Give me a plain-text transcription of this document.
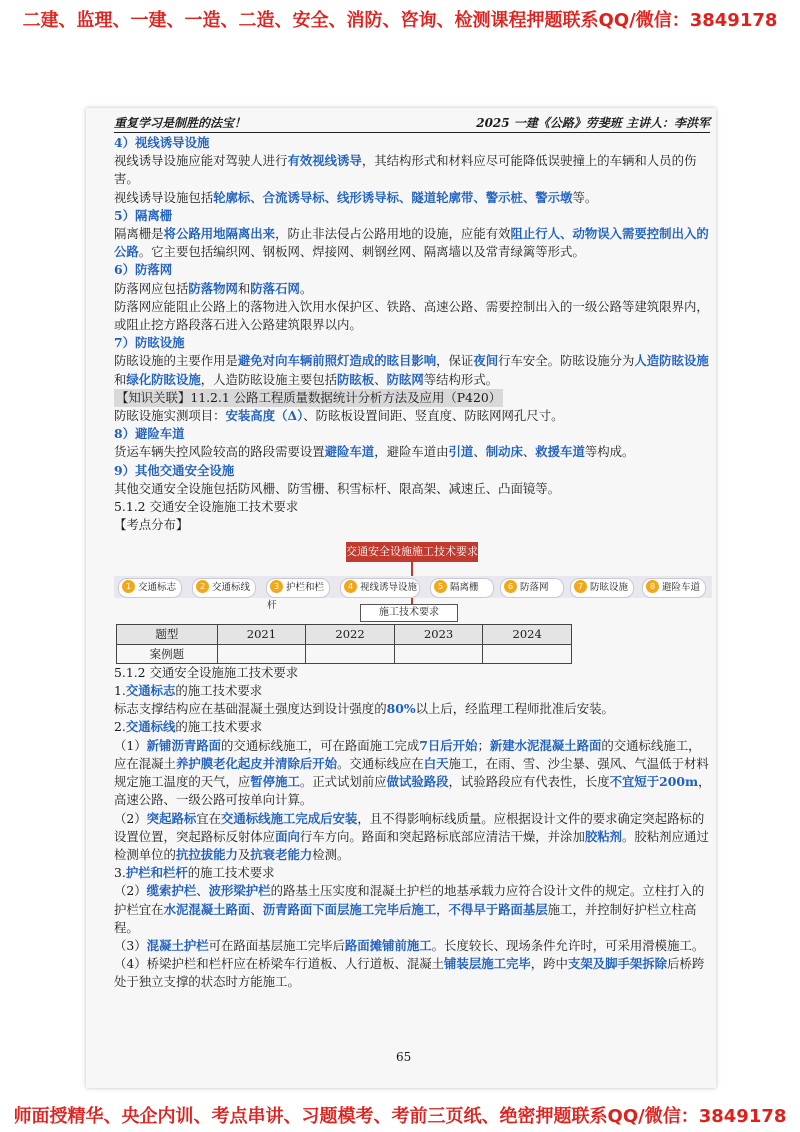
二建、监理、一建、一造、二造、安全、消防、咨询、检测课程押题联系QQ/微信：3849178
重复学习是制胜的法宝！	2025 一建《公路》劳斐班 主讲人：李洪军

4）视线诱导设施

视线诱导设施应能对驾驶人进行有效视线诱导，其结构形式和材料应尽可能降低误驶撞上的车辆和人员的伤害。

视线诱导设施包括轮廓标、合流诱导标、线形诱导标、隧道轮廓带、警示桩、警示墩等。

5）隔离栅

隔离栅是将公路用地隔离出来，防止非法侵占公路用地的设施，应能有效阻止行人、动物误入需要控制出入的公路。它主要包括编织网、钢板网、焊接网、刺钢丝网、隔离墙以及常青绿篱等形式。

6）防落网

防落网应包括防落物网和防落石网。

防落网应能阻止公路上的落物进入饮用水保护区、铁路、高速公路、需要控制出入的一级公路等建筑限界内，或阻止挖方路段落石进入公路建筑限界以内。

7）防眩设施

防眩设施的主要作用是避免对向车辆前照灯造成的眩目影响，保证夜间行车安全。防眩设施分为人造防眩设施和绿化防眩设施，人造防眩设施主要包括防眩板、防眩网等结构形式。

【知识关联】11.2.1 公路工程质量数据统计分析方法及应用（P420）

防眩设施实测项目：安装高度（Δ）、防眩板设置间距、竖直度、防眩网网孔尺寸。

8）避险车道

货运车辆失控风险较高的路段需要设置避险车道，避险车道由引道、制动床、救援车道等构成。

9）其他交通安全设施

其他交通安全设施包括防风栅、防雪栅、积雪标杆、限高架、减速丘、凸面镜等。

5.1.2 交通安全设施施工技术要求

【考点分布】

交通安全设施施工技术要求
1 交通标志	2 交通标线	3 护栏和栏杆
4 视线诱导设施	5 隔离栅	6 防落网	7 防眩设施	8 避险车道
施工技术要求
题型	2021	2022	2023	2024
案例题				

5.1.2 交通安全设施施工技术要求

1.交通标志的施工技术要求

标志支撑结构应在基础混凝土强度达到设计强度的80%以上后，经监理工程师批准后安装。

2.交通标线的施工技术要求

（1）新铺沥青路面的交通标线施工，可在路面施工完成7日后开始；新建水泥混凝土路面的交通标线施工，应在混凝土养护膜老化起皮并清除后开始。交通标线应在白天施工，在雨、雪、沙尘暴、强风、气温低于材料规定施工温度的天气，应暂停施工。正式试划前应做试验路段，试验路段应有代表性，长度不宜短于200m，高速公路、一级公路可按单向计算。

（2）突起路标宜在交通标线施工完成后安装，且不得影响标线质量。应根据设计文件的要求确定突起路标的设置位置，突起路标反射体应面向行车方向。路面和突起路标底部应清洁干燥，并涂加胶粘剂。胶粘剂应通过检测单位的抗拉拔能力及抗衰老能力检测。

3.护栏和栏杆的施工技术要求

（2）缆索护栏、波形梁护栏的路基土压实度和混凝土护栏的地基承载力应符合设计文件的规定。立柱打入的护栏宜在水泥混凝土路面、沥青路面下面层施工完毕后施工，不得早于路面基层施工，并控制好护栏立柱高程。

（3）混凝土护栏可在路面基层施工完毕后路面摊铺前施工。长度较长、现场条件允许时，可采用滑模施工。

（4）桥梁护栏和栏杆应在桥梁车行道板、人行道板、混凝土铺装层施工完毕，跨中支架及脚手架拆除后桥跨处于独立支撑的状态时方能施工。

65
师面授精华、央企内训、考点串讲、习题模考、考前三页纸、绝密押题联系QQ/微信：3849178
